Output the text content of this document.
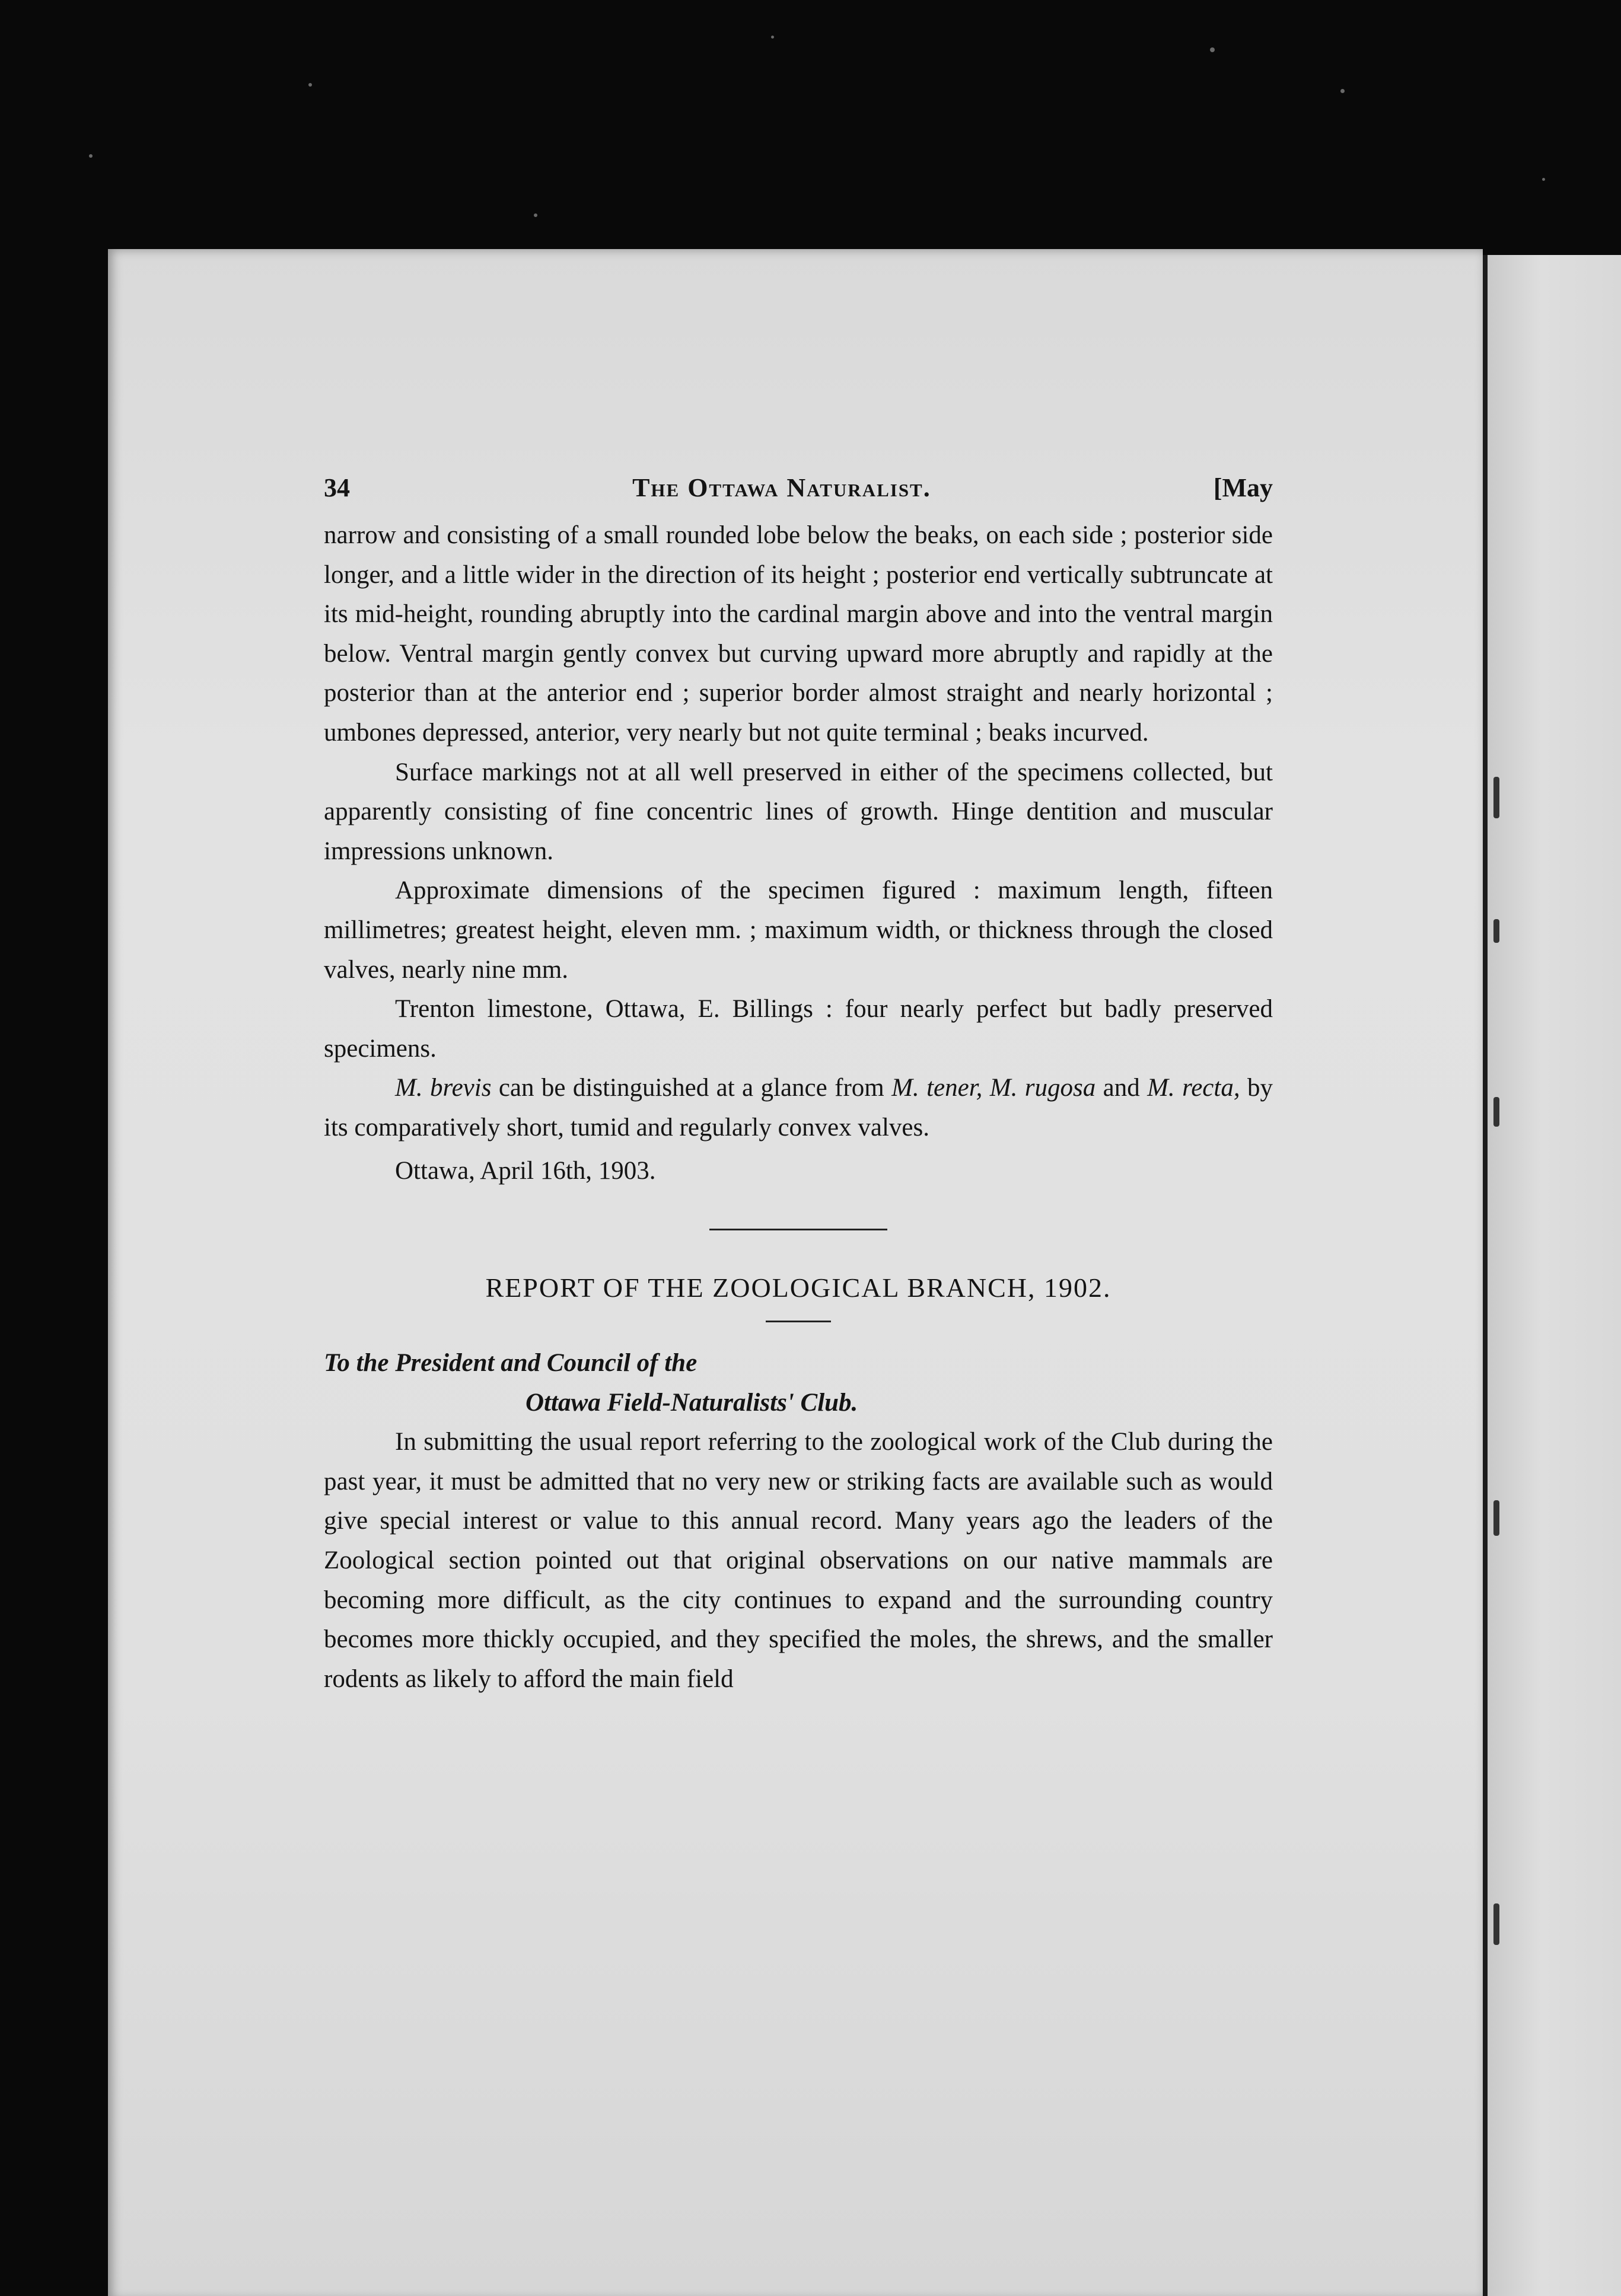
34	The Ottawa Naturalist.	[May

narrow and consisting of a small rounded lobe below the beaks, on each side ; posterior side longer, and a little wider in the direction of its height ; posterior end vertically subtruncate at its mid-height, rounding abruptly into the cardinal margin above and into the ventral margin below. Ventral margin gently convex but curving upward more abruptly and rapidly at the posterior than at the anterior end ; superior border almost straight and nearly horizontal ; umbones depressed, anterior, very nearly but not quite terminal ; beaks incurved.

Surface markings not at all well preserved in either of the specimens collected, but apparently consisting of fine concentric lines of growth. Hinge dentition and muscular impressions unknown.

Approximate dimensions of the specimen figured : maximum length, fifteen millimetres; greatest height, eleven mm. ; maximum width, or thickness through the closed valves, nearly nine mm.

Trenton limestone, Ottawa, E. Billings : four nearly perfect but badly preserved specimens.

M. brevis can be distinguished at a glance from M. tener, M. rugosa and M. recta, by its comparatively short, tumid and regularly convex valves.

Ottawa, April 16th, 1903.

REPORT OF THE ZOOLOGICAL BRANCH, 1902.

To the President and Council of the

Ottawa Field-Naturalists' Club.

In submitting the usual report referring to the zoological work of the Club during the past year, it must be admitted that no very new or striking facts are available such as would give special interest or value to this annual record. Many years ago the leaders of the Zoological section pointed out that original observations on our native mammals are becoming more difficult, as the city continues to expand and the surrounding country becomes more thickly occupied, and they specified the moles, the shrews, and the smaller rodents as likely to afford the main field
